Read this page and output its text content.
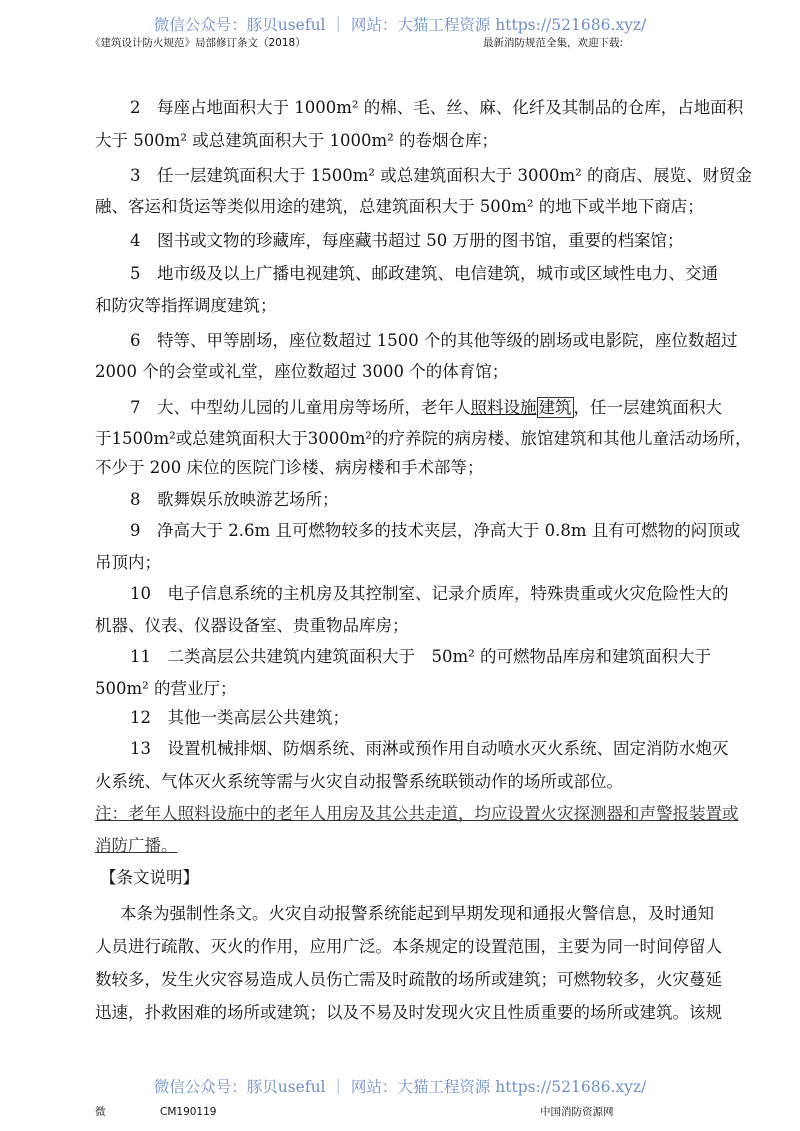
微信公众号：豚贝useful ｜ 网站：大猫工程资源 https://521686.xyz/
《建筑设计防火规范》局部修订条文（2018）	最新消防规范全集，欢迎下载:
2　每座占地面积大于 1000m² 的棉、毛、丝、麻、化纤及其制品的仓库，占地面积
大于 500m² 或总建筑面积大于 1000m² 的卷烟仓库；
3　任一层建筑面积大于 1500m² 或总建筑面积大于 3000m² 的商店、展览、财贸金
融、客运和货运等类似用途的建筑，总建筑面积大于 500m² 的地下或半地下商店；
4　图书或文物的珍藏库，每座藏书超过 50 万册的图书馆，重要的档案馆；
5　地市级及以上广播电视建筑、邮政建筑、电信建筑，城市或区域性电力、交通
和防灾等指挥调度建筑；
6　特等、甲等剧场，座位数超过 1500 个的其他等级的剧场或电影院，座位数超过
2000 个的会堂或礼堂，座位数超过 3000 个的体育馆；
7　大、中型幼儿园的儿童用房等场所，老年人照料设施 建筑 ，任一层建筑面积大
于1500m²或总建筑面积大于3000m²的疗养院的病房楼、旅馆建筑和其他儿童活动场所，
不少于 200 床位的医院门诊楼、病房楼和手术部等；
8　歌舞娱乐放映游艺场所；
9　净高大于 2.6m 且可燃物较多的技术夹层，净高大于 0.8m 且有可燃物的闷顶或
吊顶内；
10　电子信息系统的主机房及其控制室、记录介质库，特殊贵重或火灾危险性大的
机器、仪表、仪器设备室、贵重物品库房；
11　二类高层公共建筑内建筑面积大于　50m² 的可燃物品库房和建筑面积大于
500m² 的营业厅；
12　其他一类高层公共建筑；
13　设置机械排烟、防烟系统、雨淋或预作用自动喷水灭火系统、固定消防水炮灭
火系统、气体灭火系统等需与火灾自动报警系统联锁动作的场所或部位。
注：老年人照料设施中的老年人用房及其公共走道，均应设置火灾探测器和声警报装置或
消防广播。
【条文说明】
本条为强制性条文。火灾自动报警系统能起到早期发现和通报火警信息，及时通知
人员进行疏散、灭火的作用，应用广泛。本条规定的设置范围，主要为同一时间停留人
数较多，发生火灾容易造成人员伤亡需及时疏散的场所或建筑；可燃物较多，火灾蔓延
迅速，扑救困难的场所或建筑；以及不易及时发现火灾且性质重要的场所或建筑。该规
微信公众号：豚贝useful ｜ 网站：大猫工程资源 https://521686.xyz/
微	CM190119	中国消防资源网
